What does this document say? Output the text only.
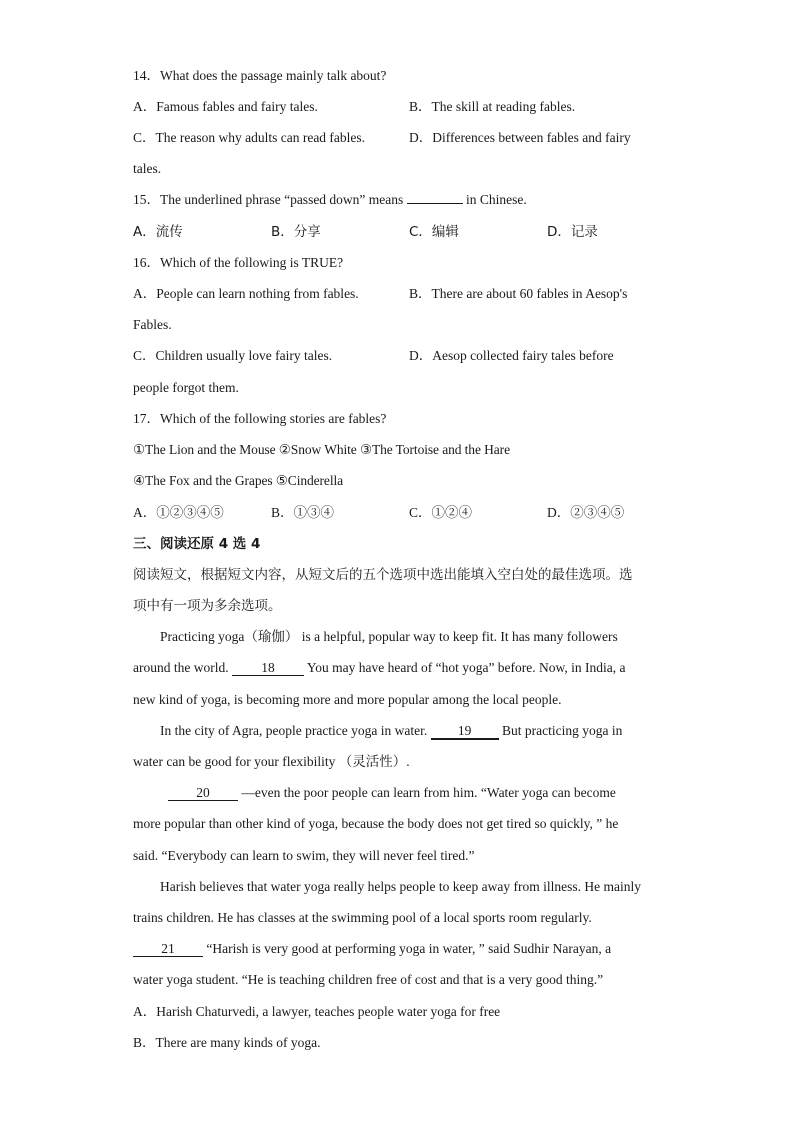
14．What does the passage mainly talk about?
A．Famous fables and fairy tales.	B．The skill at reading fables.
C．The reason why adults can read fables.	D．Differences between fables and fairy
tales.
15．The underlined phrase “passed down” means	in Chinese.
A．流传	B．分享	C．编辑	D．记录
16．Which of the following is TRUE?
A．People can learn nothing from fables.	B．There are about 60 fables in Aesop's
Fables.
C．Children usually love fairy tales.	D．Aesop collected fairy tales before
people forgot them.
17．Which of the following stories are fables?
①The Lion and the Mouse ②Snow White ③The Tortoise and the Hare
④The Fox and the Grapes ⑤Cinderella
A．①②③④⑤	B．①③④	C．①②④	D．②③④⑤
三、阅读还原 4 选 4
阅读短文，根据短文内容，从短文后的五个选项中选出能填入空白处的最佳选项。选
项中有一项为多余选项。
Practicing yoga（瑜伽） is a helpful, popular way to keep fit. It has many followers
around the world. 18 You may have heard of “hot yoga” before. Now, in India, a
new kind of yoga, is becoming more and more popular among the local people.
In the city of Agra, people practice yoga in water. 19 But practicing yoga in
water can be good for your flexibility （灵活性）.
20 —even the poor people can learn from him. “Water yoga can become
more popular than other kind of yoga, because the body does not get tired so quickly, ” he
said. “Everybody can learn to swim, they will never feel tired.”
Harish believes that water yoga really helps people to keep away from illness. He mainly
trains children. He has classes at the swimming pool of a local sports room regularly.
21 “Harish is very good at performing yoga in water, ” said Sudhir Narayan, a
water yoga student. “He is teaching children free of cost and that is a very good thing.”
A．Harish Chaturvedi, a lawyer, teaches people water yoga for free
B．There are many kinds of yoga.
